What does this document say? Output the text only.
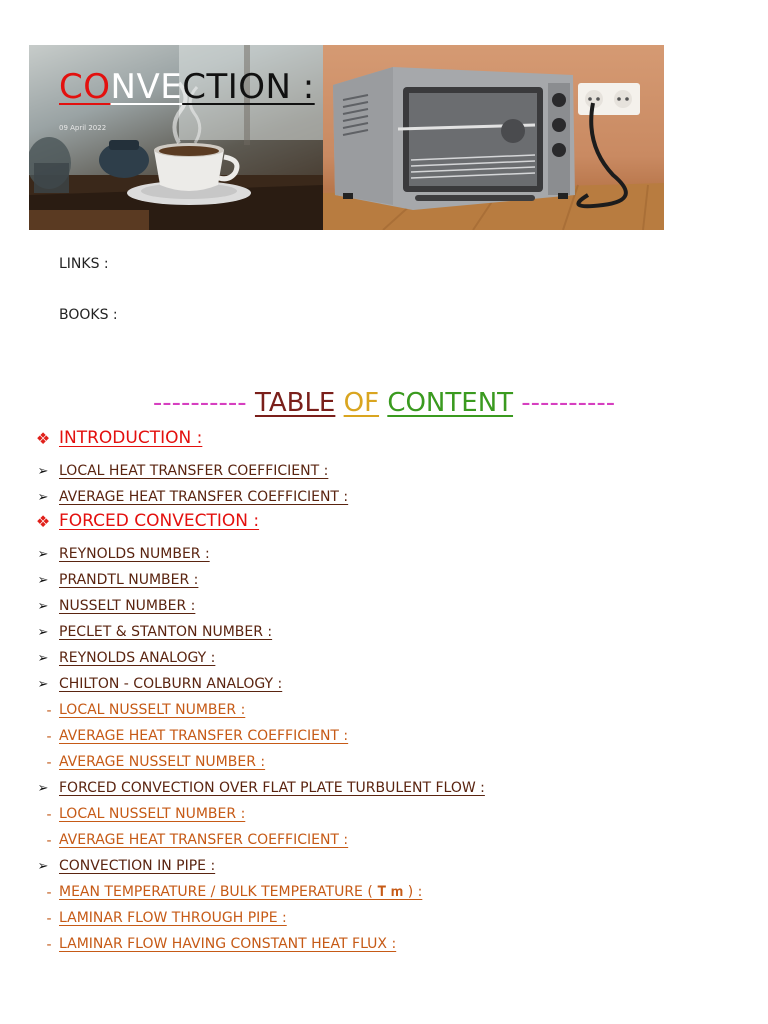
CONVECTION :
09 April 2022
LINKS :
BOOKS :
---------- TABLE OF CONTENT ----------
❖ INTRODUCTION :
➢ LOCAL HEAT TRANSFER COEFFICIENT :
➢ AVERAGE HEAT TRANSFER COEFFICIENT :
❖ FORCED CONVECTION :
➢ REYNOLDS NUMBER :
➢ PRANDTL NUMBER :
➢ NUSSELT NUMBER :
➢ PECLET & STANTON NUMBER :
➢ REYNOLDS ANALOGY :
➢ CHILTON - COLBURN ANALOGY :
- LOCAL NUSSELT NUMBER :
- AVERAGE HEAT TRANSFER COEFFICIENT :
- AVERAGE NUSSELT NUMBER :
➢ FORCED CONVECTION OVER FLAT PLATE TURBULENT FLOW :
- LOCAL NUSSELT NUMBER :
- AVERAGE HEAT TRANSFER COEFFICIENT :
➢ CONVECTION IN PIPE :
- MEAN TEMPERATURE / BULK TEMPERATURE ( 𝐓 𝐦 ) :
- LAMINAR FLOW THROUGH PIPE :
- LAMINAR FLOW HAVING CONSTANT HEAT FLUX :
